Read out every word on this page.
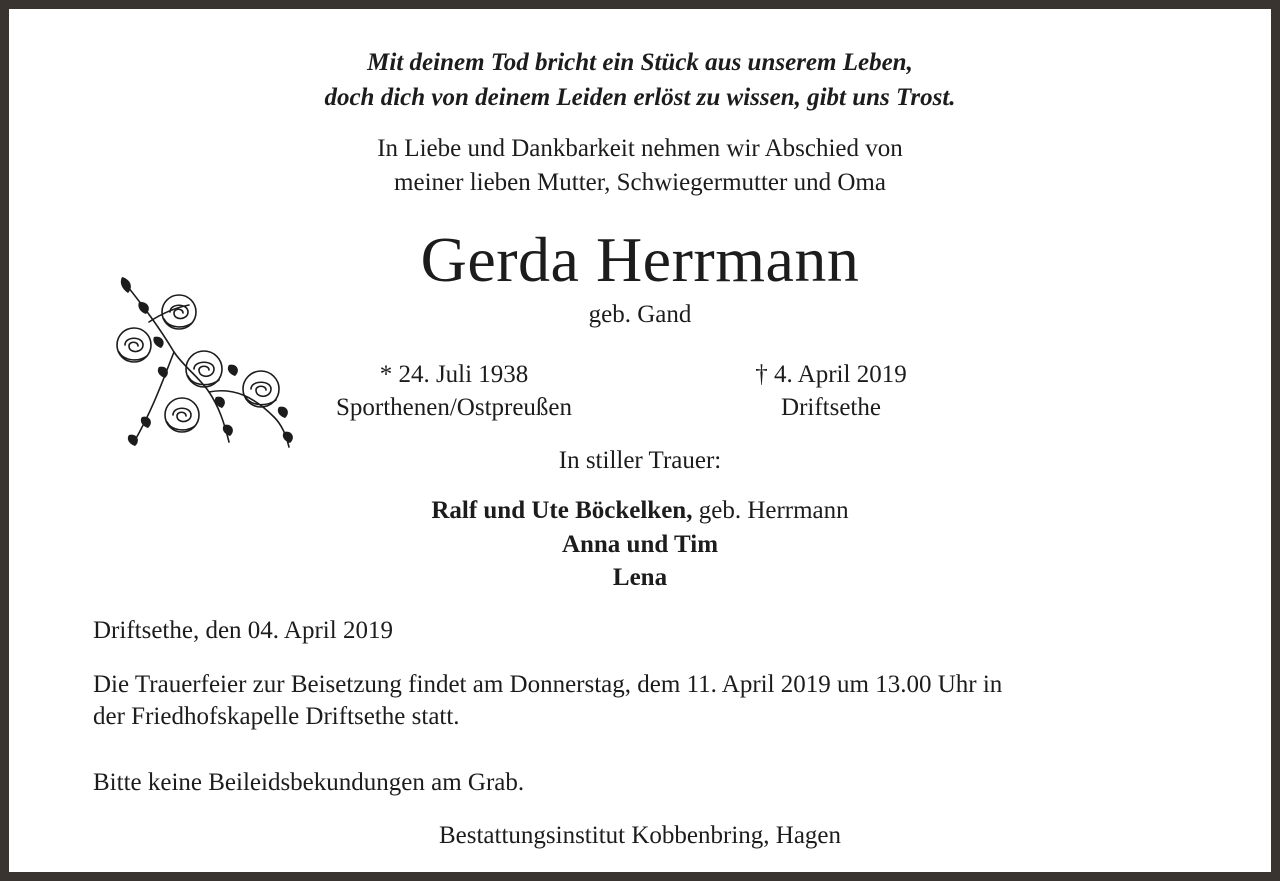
Mit deinem Tod bricht ein Stück aus unserem Leben,
doch dich von deinem Leiden erlöst zu wissen, gibt uns Trost.
In Liebe und Dankbarkeit nehmen wir Abschied von
meiner lieben Mutter, Schwiegermutter und Oma
Gerda Herrmann
geb. Gand
* 24. Juli 1938
Sporthenen/Ostpreußen
† 4. April 2019
Driftsethe
In stiller Trauer:
Ralf und Ute Böckelken, geb. Herrmann
Anna und Tim
Lena
Driftsethe, den 04. April 2019
Die Trauerfeier zur Beisetzung findet am Donnerstag, dem 11. April 2019 um 13.00 Uhr in
der Friedhofskapelle Driftsethe statt.
Bitte keine Beileidsbekundungen am Grab.
Bestattungsinstitut Kobbenbring, Hagen
